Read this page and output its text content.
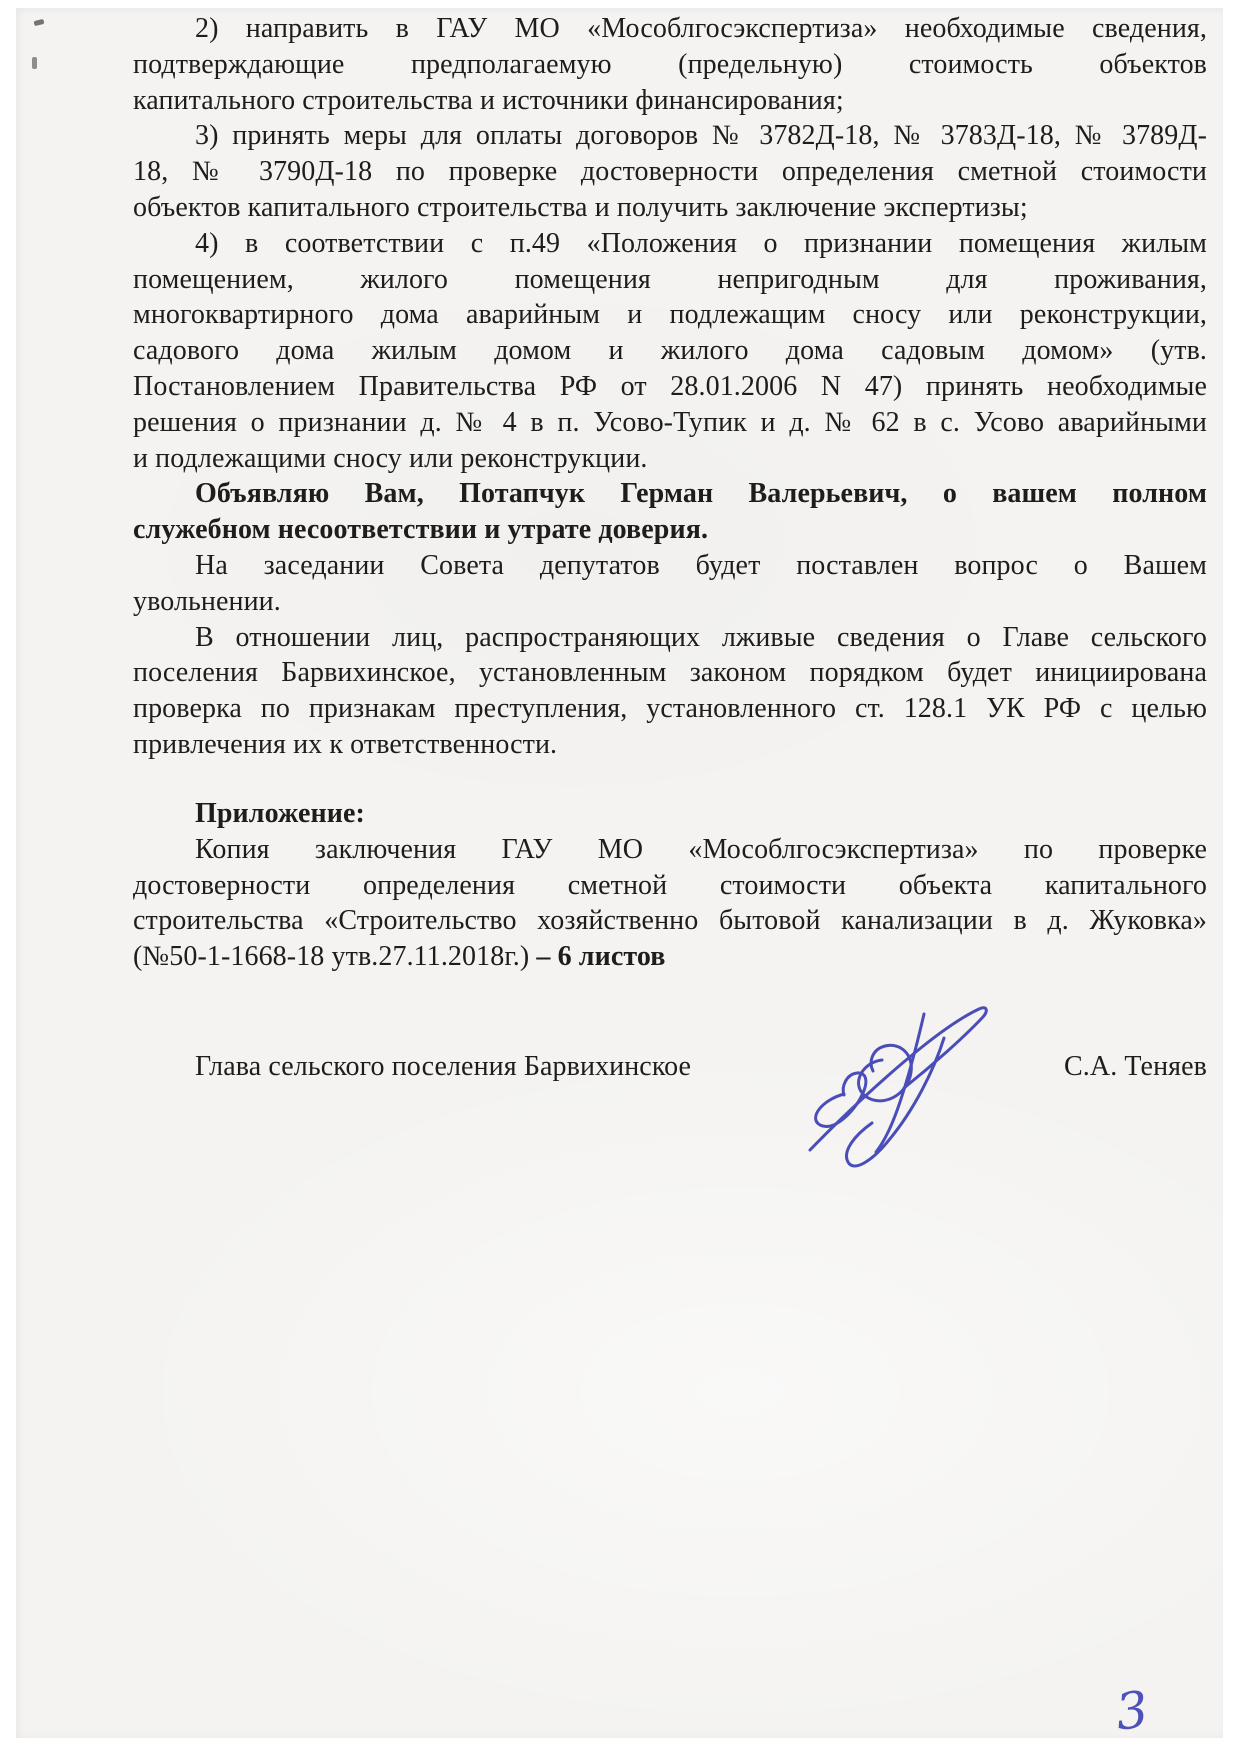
2) направить в ГАУ МО «Мособлгосэкспертиза» необходимые сведения,
подтверждающие предполагаемую (предельную) стоимость объектов
капитального строительства и источники финансирования;
3) принять меры для оплаты договоров № 3782Д-18, № 3783Д-18, № 3789Д-
18, № 3790Д-18 по проверке достоверности определения сметной стоимости
объектов капитального строительства и получить заключение экспертизы;
4) в соответствии с п.49 «Положения о признании помещения жилым
помещением, жилого помещения непригодным для проживания,
многоквартирного дома аварийным и подлежащим сносу или реконструкции,
садового дома жилым домом и жилого дома садовым домом» (утв.
Постановлением Правительства РФ от 28.01.2006 N 47) принять необходимые
решения о признании д. № 4 в п. Усово-Тупик и д. № 62 в с. Усово аварийными
и подлежащими сносу или реконструкции.
Объявляю Вам, Потапчук Герман Валерьевич, о вашем полном
служебном несоответствии и утрате доверия.
На заседании Совета депутатов будет поставлен вопрос о Вашем
увольнении.
В отношении лиц, распространяющих лживые сведения о Главе сельского
поселения Барвихинское, установленным законом порядком будет инициирована
проверка по признакам преступления, установленного ст. 128.1 УК РФ с целью
привлечения их к ответственности.
Приложение:
Копия заключения ГАУ МО «Мособлгосэкспертиза» по проверке
достоверности определения сметной стоимости объекта капитального
строительства «Строительство хозяйственно бытовой канализации в д. Жуковка»
(№50-1-1668-18 утв.27.11.2018г.) – 6 листов
Глава сельского поселения Барвихинское	С.А. Теняев
3
